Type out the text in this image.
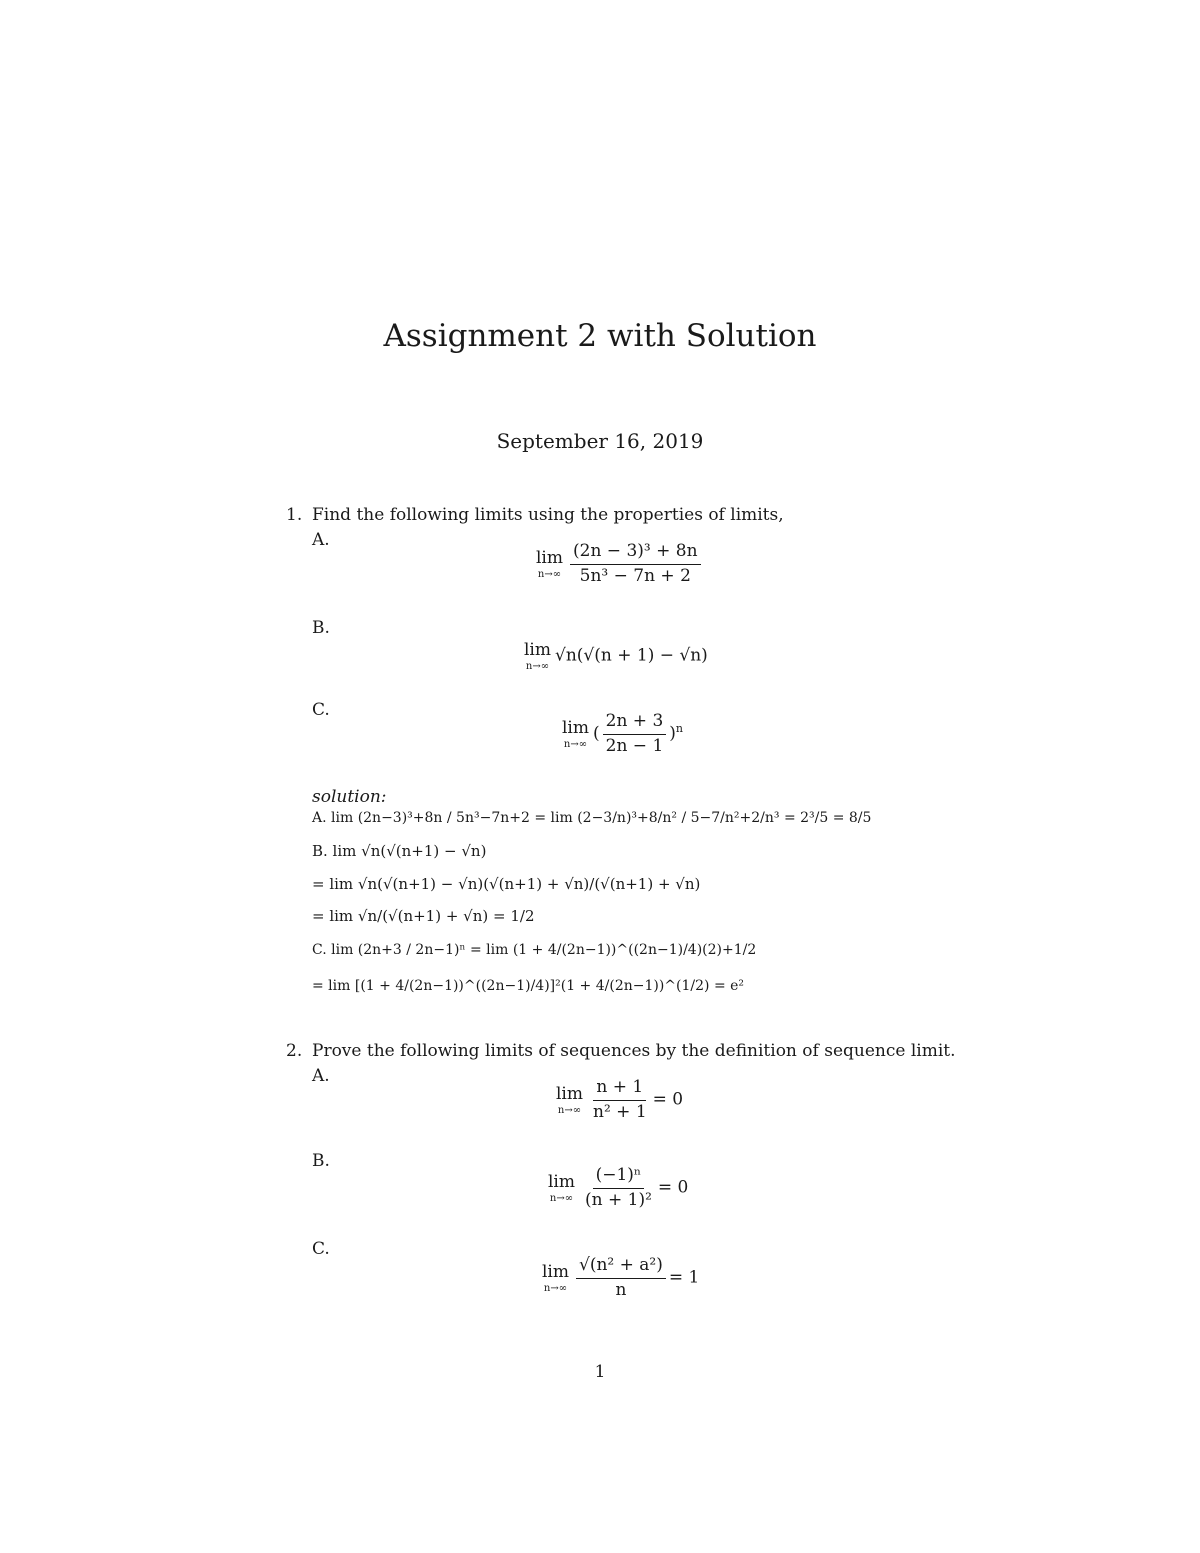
Assignment 2 with Solution
September 16, 2019
1. Find the following limits using the properties of limits,
A.
lim
$n\to\infty \frac{\text{(2n − 3)³ + 8n}}{\text{5n³ − 7n + 2}}$
B.
lim
n→∞
√n(√(n + 1) − √n)
C.
lim
n→∞
( $\frac{2n + 3}{2n - 1} )^n$
solution:
A. lim (2n−3)³+8n / 5n³−7n+2 = lim (2−3/n)³+8/n² / 5−7/n²+2/n³ = 2³/5 = 8/5
B. lim √n(√(n+1) − √n)
= lim √n(√(n+1) − √n)(√(n+1) + √n)/(√(n+1) + √n)
= lim √n/(√(n+1) + √n) = 1/2
C. lim (2n+3 / 2n−1)ⁿ = lim (1 + 4/(2n−1))^((2n−1)/4)(2)+1/2
= lim [(1 + 4/(2n−1))^((2n−1)/4)]²(1 + 4/(2n−1))^(1/2) = e²
2. Prove the following limits of sequences by the definition of sequence limit.
A.
lim
$n\to\infty \frac{n + 1}{\text{n² + 1}} = 0$
B.
lim
$n\to\infty \frac{\text{(−1)ⁿ}}{\text{(n + 1)²}} = 0$
C.
lim
$n\to\infty \frac{\text{√(n² + a²)}}{n} = 1$
1
